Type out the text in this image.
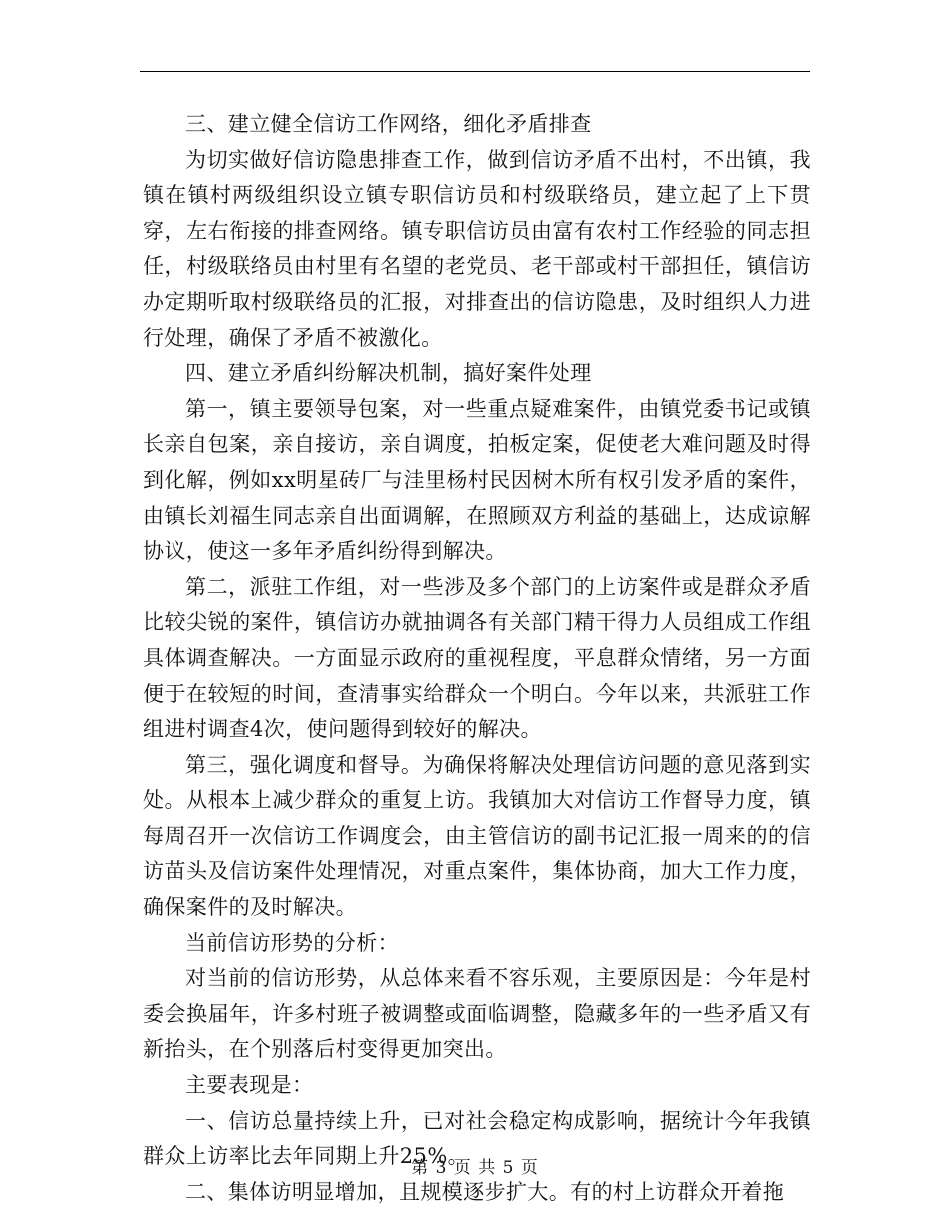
三、建立健全信访工作网络，细化矛盾排查

为切实做好信访隐患排查工作，做到信访矛盾不出村，不出镇，我镇在镇村两级组织设立镇专职信访员和村级联络员，建立起了上下贯穿，左右衔接的排查网络。镇专职信访员由富有农村工作经验的同志担任，村级联络员由村里有名望的老党员、老干部或村干部担任，镇信访办定期听取村级联络员的汇报，对排查出的信访隐患，及时组织人力进行处理，确保了矛盾不被激化。

四、建立矛盾纠纷解决机制，搞好案件处理

第一，镇主要领导包案，对一些重点疑难案件，由镇党委书记或镇长亲自包案，亲自接访，亲自调度，拍板定案，促使老大难问题及时得到化解，例如xx明星砖厂与洼里杨村民因树木所有权引发矛盾的案件，由镇长刘福生同志亲自出面调解，在照顾双方利益的基础上，达成谅解协议，使这一多年矛盾纠纷得到解决。

第二，派驻工作组，对一些涉及多个部门的上访案件或是群众矛盾比较尖锐的案件，镇信访办就抽调各有关部门精干得力人员组成工作组具体调查解决。一方面显示政府的重视程度，平息群众情绪，另一方面便于在较短的时间，查清事实给群众一个明白。今年以来，共派驻工作组进村调查4次，使问题得到较好的解决。

第三，强化调度和督导。为确保将解决处理信访问题的意见落到实处。从根本上减少群众的重复上访。我镇加大对信访工作督导力度，镇每周召开一次信访工作调度会，由主管信访的副书记汇报一周来的的信访苗头及信访案件处理情况，对重点案件，集体协商，加大工作力度，确保案件的及时解决。

当前信访形势的分析：

对当前的信访形势，从总体来看不容乐观，主要原因是：今年是村委会换届年，许多村班子被调整或面临调整，隐藏多年的一些矛盾又有新抬头，在个别落后村变得更加突出。

主要表现是：

一、信访总量持续上升，已对社会稳定构成影响，据统计今年我镇群众上访率比去年同期上升25%。

二、集体访明显增加，且规模逐步扩大。有的村上访群众开着拖

第 3 页 共 5 页
